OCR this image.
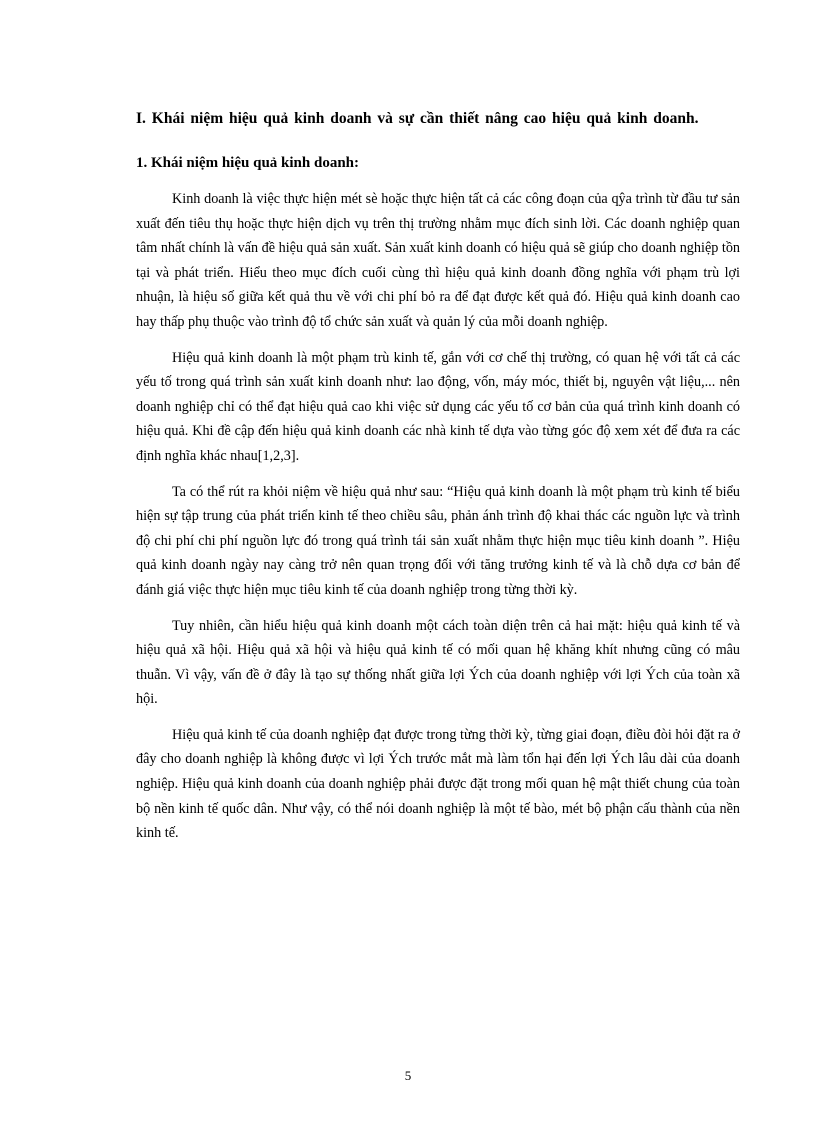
I. Khái niệm hiệu quả kinh doanh và sự cần thiết nâng cao hiệu quả kinh doanh.

1. Khái niệm hiệu quả kinh doanh:

Kinh doanh là việc thực hiện mét sè hoặc thực hiện tất cả các công đoạn của qŷa trình từ đầu tư sản xuất đến tiêu thụ hoặc thực hiện dịch vụ trên thị trường nhằm mục đích sinh lời. Các doanh nghiệp quan tâm nhất chính là vấn đề hiệu quả sản xuất. Sản xuất kinh doanh có hiệu quả sẽ giúp cho doanh nghiệp tồn tại và phát triển. Hiểu theo mục đích cuối cùng thì hiệu quả kinh doanh đồng nghĩa với phạm trù lợi nhuận, là hiệu số giữa kết quả thu về với chi phí bỏ ra để đạt được kết quả đó. Hiệu quả kinh doanh cao hay thấp phụ thuộc vào trình độ tổ chức sản xuất và quản lý của mỗi doanh nghiệp.

Hiệu quả kinh doanh là một phạm trù kinh tế, gắn với cơ chế thị trường, có quan hệ với tất cả các yếu tố trong quá trình sản xuất kinh doanh như: lao động, vốn, máy móc, thiết bị, nguyên vật liệu,... nên doanh nghiệp chỉ có thể đạt hiệu quả cao khi việc sử dụng các yếu tố cơ bản của quá trình kinh doanh có hiệu quả. Khi đề cập đến hiệu quả kinh doanh các nhà kinh tế dựa vào từng góc độ xem xét để đưa ra các định nghĩa khác nhau[1,2,3].

Ta có thể rút ra khỏi niệm về hiệu quả như sau: “Hiệu quả kinh doanh là một phạm trù kinh tế biểu hiện sự tập trung của phát triển kinh tế theo chiều sâu, phản ánh trình độ khai thác các nguồn lực và trình độ chi phí chi phí nguồn lực đó trong quá trình tái sản xuất nhằm thực hiện mục tiêu kinh doanh ”. Hiệu quả kinh doanh ngày nay càng trở nên quan trọng đối với tăng trưởng kinh tế và là chỗ dựa cơ bản để đánh giá việc thực hiện mục tiêu kinh tế của doanh nghiệp trong từng thời kỳ.

Tuy nhiên, cần hiểu hiệu quả kinh doanh một cách toàn diện trên cả hai mặt: hiệu quả kinh tế và hiệu quả xã hội. Hiệu quả xã hội và hiệu quả kinh tế có mối quan hệ khăng khít nhưng cũng có mâu thuẫn. Vì vậy, vấn đề ở đây là tạo sự thống nhất giữa lợi Ých của doanh nghiệp với lợi Ých của toàn xã hội.

Hiệu quả kinh tế của doanh nghiệp đạt được trong từng thời kỳ, từng giai đoạn, điều đòi hỏi đặt ra ở đây cho doanh nghiệp là không được vì lợi Ých trước mắt mà làm tổn hại đến lợi Ých lâu dài của doanh nghiệp. Hiệu quả kinh doanh của doanh nghiệp phải được đặt trong mối quan hệ mật thiết chung của toàn bộ nền kinh tế quốc dân. Như vậy, có thể nói doanh nghiệp là một tế bào, mét bộ phận cấu thành của nền kinh tế.

5
